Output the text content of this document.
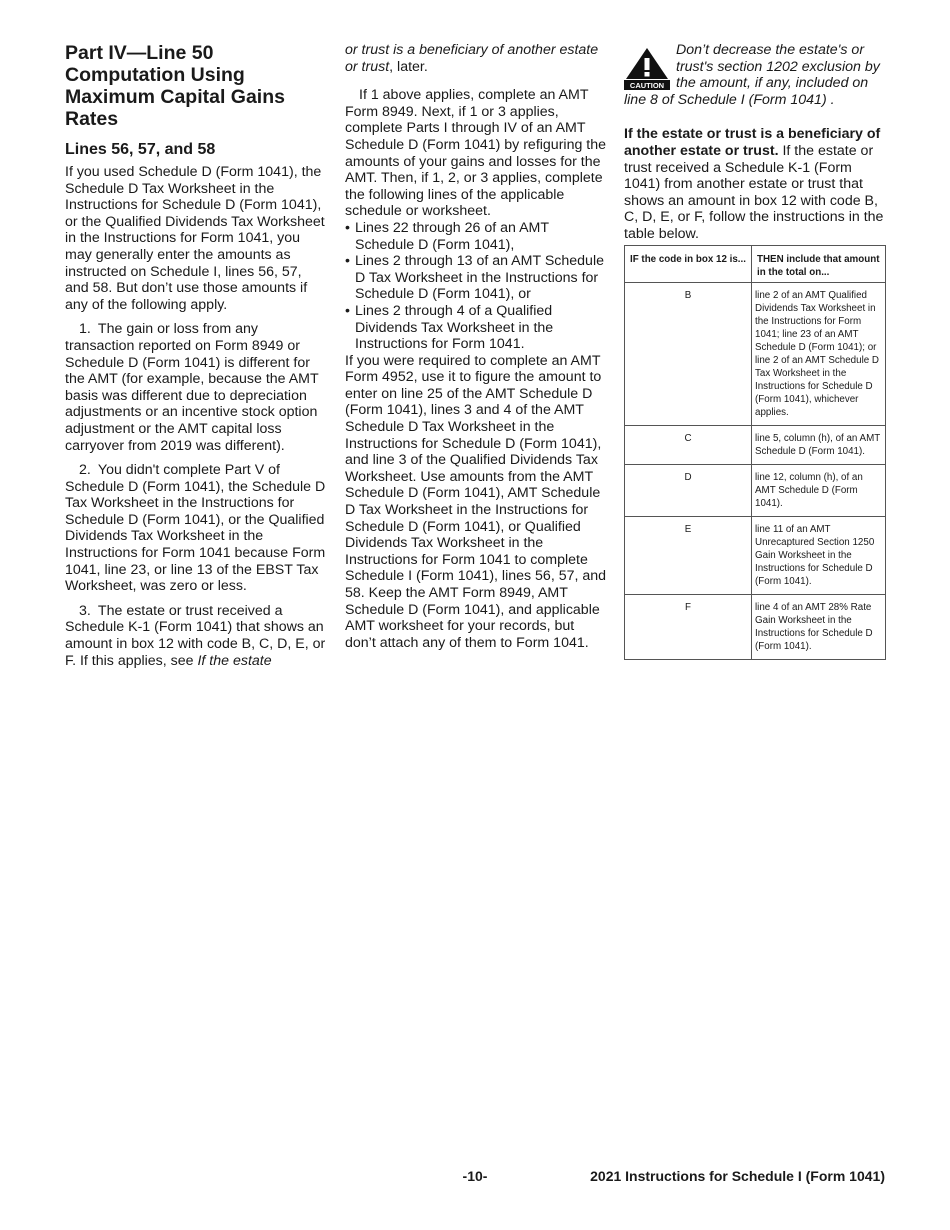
Part IV—Line 50 Computation Using Maximum Capital Gains Rates
Lines 56, 57, and 58

If you used Schedule D (Form 1041), the Schedule D Tax Worksheet in the Instructions for Schedule D (Form 1041), or the Qualified Dividends Tax Worksheet in the Instructions for Form 1041, you may generally enter the amounts as instructed on Schedule I, lines 56, 57, and 58. But don’t use those amounts if any of the following apply.

1. The gain or loss from any transaction reported on Form 8949 or Schedule D (Form 1041) is different for the AMT (for example, because the AMT basis was different due to depreciation adjustments or an incentive stock option adjustment or the AMT capital loss carryover from 2019 was different).

2. You didn't complete Part V of Schedule D (Form 1041), the Schedule D Tax Worksheet in the Instructions for Schedule D (Form 1041), or the Qualified Dividends Tax Worksheet in the Instructions for Form 1041 because Form 1041, line 23, or line 13 of the EBST Tax Worksheet, was zero or less.

3. The estate or trust received a Schedule K-1 (Form 1041) that shows an amount in box 12 with code B, C, D, E, or F. If this applies, see If the estate

or trust is a beneficiary of another estate or trust, later.

If 1 above applies, complete an AMT Form 8949. Next, if 1 or 3 applies, complete Parts I through IV of an AMT Schedule D (Form 1041) by refiguring the amounts of your gains and losses for the AMT. Then, if 1, 2, or 3 applies, complete the following lines of the applicable schedule or worksheet.

• Lines 22 through 26 of an AMT Schedule D (Form 1041),

• Lines 2 through 13 of an AMT Schedule D Tax Worksheet in the Instructions for Schedule D (Form 1041), or

• Lines 2 through 4 of a Qualified Dividends Tax Worksheet in the Instructions for Form 1041.

If you were required to complete an AMT Form 4952, use it to figure the amount to enter on line 25 of the AMT Schedule D (Form 1041), lines 3 and 4 of the AMT Schedule D Tax Worksheet in the Instructions for Schedule D (Form 1041), and line 3 of the Qualified Dividends Tax Worksheet. Use amounts from the AMT Schedule D (Form 1041), AMT Schedule D Tax Worksheet in the Instructions for Schedule D (Form 1041), or Qualified Dividends Tax Worksheet in the Instructions for Form 1041 to complete Schedule I (Form 1041), lines 56, 57, and 58. Keep the AMT Form 8949, AMT Schedule D (Form 1041), and applicable AMT worksheet for your records, but don’t attach any of them to Form 1041.

CAUTION

Don’t decrease the estate's or trust's section 1202 exclusion by the amount, if any, included on line 8 of Schedule I (Form 1041) .

If the estate or trust is a beneficiary of another estate or trust. If the estate or trust received a Schedule K-1 (Form 1041) from another estate or trust that shows an amount in box 12 with code B, C, D, E, or F, follow the instructions in the table below.

IF the code in box 12 is...	THEN include that amount in the total on...
B	line 2 of an AMT Qualified Dividends Tax Worksheet in the Instructions for Form 1041; line 23 of an AMT Schedule D (Form 1041); or line 2 of an AMT Schedule D Tax Worksheet in the Instructions for Schedule D (Form 1041), whichever applies.
C	line 5, column (h), of an AMT Schedule D (Form 1041).
D	line 12, column (h), of an AMT Schedule D (Form 1041).
E	line 11 of an AMT Unrecaptured Section 1250 Gain Worksheet in the Instructions for Schedule D (Form 1041).
F	line 4 of an AMT 28% Rate Gain Worksheet in the Instructions for Schedule D (Form 1041).
-10-	2021 Instructions for Schedule I (Form 1041)
